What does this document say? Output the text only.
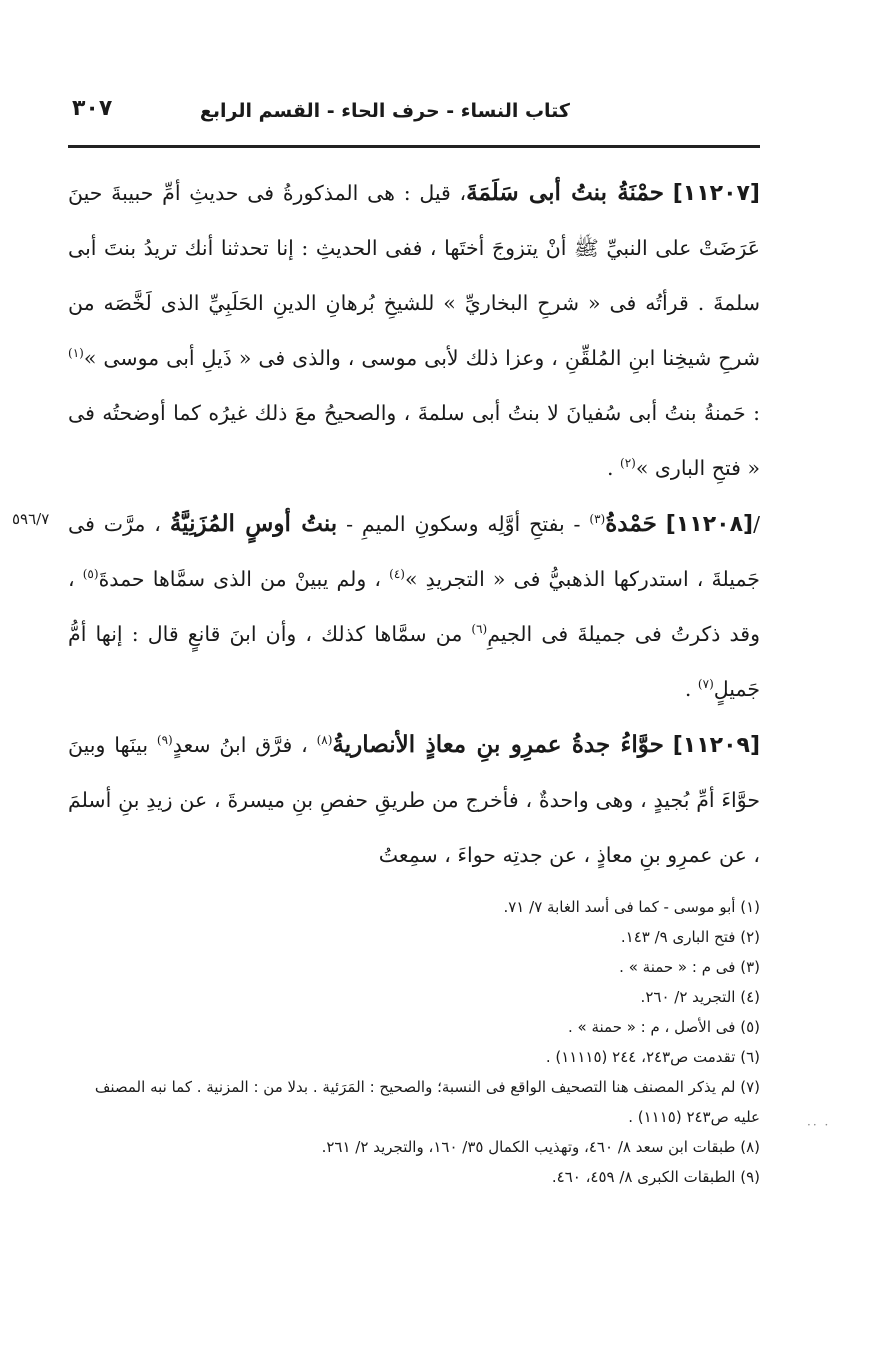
كتاب النساء - حرف الحاء - القسم الرابع
٣٠٧
٥٩٦/٧

[١١٢٠٧] حمْنَةُ بنتُ أبى سَلَمَةَ، قيل : هى المذكورةُ فى حديثِ أمِّ حبيبةَ حينَ عَرَضَتْ على النبيِّ ﷺ أنْ يتزوجَ أختَها ، ففى الحديثِ : إنا تحدثنا أنك تريدُ بنتَ أبى سلمةَ . قرأتُه فى « شرحِ البخاريِّ » للشيخِ بُرهانِ الدينِ الحَلَبِيِّ الذى لَخَّصَه من شرحِ شيخِنا ابنِ المُلقِّنِ ، وعزا ذلك لأبى موسى ، والذى فى « ذَيلِ أبى موسى »$^{(١)}$ : حَمنةُ بنتُ أبى سُفيانَ لا بنتُ أبى سلمةَ ، والصحيحُ معَ ذلك غيرُه كما أوضحتُه فى « فتحِ البارى »$^{(٢)}$ .

/[١١٢٠٨] حَمْدةُ$^{(٣)}$ - بفتحِ أوَّلِه وسكونِ الميمِ - بنتُ أوسٍ المُزَنِيَّةُ ، مرَّت فى جَميلةَ ، استدركها الذهبيُّ فى « التجريدِ »$^{(٤)}$ ، ولم يبينْ من الذى سمَّاها حمدةَ$^{(٥)}$ ، وقد ذكرتُ فى جميلةَ فى الجيمِ$^{(٦)}$ من سمَّاها كذلك ، وأن ابنَ قانعٍ قال : إنها أمُّ جَميلٍ$^{(٧)}$ .

[١١٢٠٩] حوَّاءُ جدةُ عمرِو بنِ معاذٍ الأنصاريةُ$^{(٨)}$ ، فرَّق ابنُ سعدٍ$^{(٩)}$ بينَها وبينَ حوَّاءَ أمِّ بُجيدٍ ، وهى واحدةٌ ، فأخرج من طريقِ حفصِ بنِ ميسرةَ ، عن زيدِ بنِ أسلمَ ، عن عمرِو بنِ معاذٍ ، عن جدتِه حواءَ ، سمِعتُ

·· ·

(١) أبو موسى - كما فى أسد الغابة ٧/ ٧١.

(٢) فتح البارى ٩/ ١٤٣.

(٣) فى م : « حمنة » .

(٤) التجريد ٢/ ٢٦٠.

(٥) فى الأصل ، م : « حمنة » .

(٦) تقدمت ص٢٤٣، ٢٤٤ (١١١١٥) .

(٧) لم يذكر المصنف هنا التصحيف الواقع فى النسبة؛ والصحيح : المَرَئية . بدلا من : المزنية . كما نبه المصنف عليه ص٢٤٣ (١١١٥) .

(٨) طبقات ابن سعد ٨/ ٤٦٠، وتهذيب الكمال ٣٥/ ١٦٠، والتجريد ٢/ ٢٦١.

(٩) الطبقات الكبرى ٨/ ٤٥٩، ٤٦٠.
